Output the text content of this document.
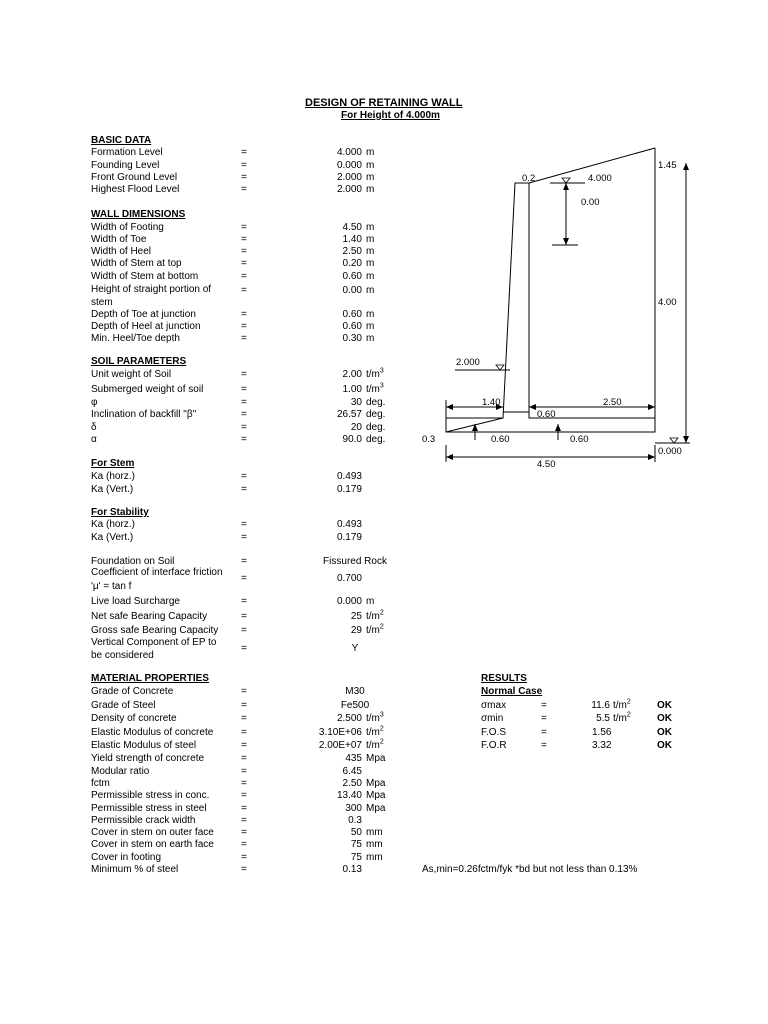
DESIGN OF RETAINING WALL
For Height of 4.000m
BASIC DATA
Formation Level	=	4.000 m
Founding Level	=	0.000 m
Front Ground Level	=	2.000 m
Highest Flood Level	=	2.000 m
WALL DIMENSIONS
Width of Footing	=	4.50 m
Width of Toe	=	1.40 m
Width of Heel	=	2.50 m
Width of Stem at top	=	0.20 m
Width of Stem at bottom	=	0.60 m
Height of straight portion of
stem
=	0.00 m
Depth of Toe at junction	=	0.60 m
Depth of Heel at junction	=	0.60 m
Min. Heel/Toe depth	=	0.30 m
SOIL PARAMETERS
Unit weight of Soil	=	2.00 $t/m^3$
Submerged weight of soil	=	1.00 $t/m^3$
φ	=	30 deg.
Inclination of backfill "β"	=	26.57 deg.
δ	=	20 deg.
α	=	90.0 deg.
For Stem
Ka (horz.)	=	0.493
Ka (Vert.)	=	0.179
For Stability
Ka (horz.)	=	0.493
Ka (Vert.)	=	0.179
Foundation on Soil	=	Fissured Rock
Coefficient of interface friction
'μ' = tan f
=	0.700
Live load Surcharge	=	0.000 m
Net safe Bearing Capacity	=	25 $t/m^2$
Gross safe Bearing Capacity =	29 $t/m^2$
Vertical Component of EP to
be considered
=	Y
MATERIAL PROPERTIES
Grade of Concrete	=	M30
Grade of Steel	=	Fe500
Density of concrete	=	2.500 $t/m^3$
Elastic Modulus of concrete	=	3.10E+06 $t/m^2$
Elastic Modulus of steel	=	2.00E+07 $t/m^2$
Yield strength of concrete	=	435 Mpa
Modular ratio	=	6.45
fctm	=	2.50 Mpa
Permissible stress in conc.	=	13.40 Mpa
Permissible stress in steel	=	300 Mpa
Permissible crack width	=	0.3
Cover in stem on outer face	=	50 mm
Cover in stem on earth face	=	75 mm
Cover in footing	=	75 mm
Minimum % of steel	=	0.13	As,min=0.26fctm/fyk *bd but not less than 0.13%
0.2	4.000
0.00
1.45
4.00
2.000
1.40	2.50
0.60
0.3	0.60	0.60
4.50
0.000
RESULTS
Normal Case
σmax	=	11.6 $t/m^2$	OK
σmin	=	5.5 $t/m^2$	OK
F.O.S	=	1.56	OK
F.O.R	=	3.32	OK
